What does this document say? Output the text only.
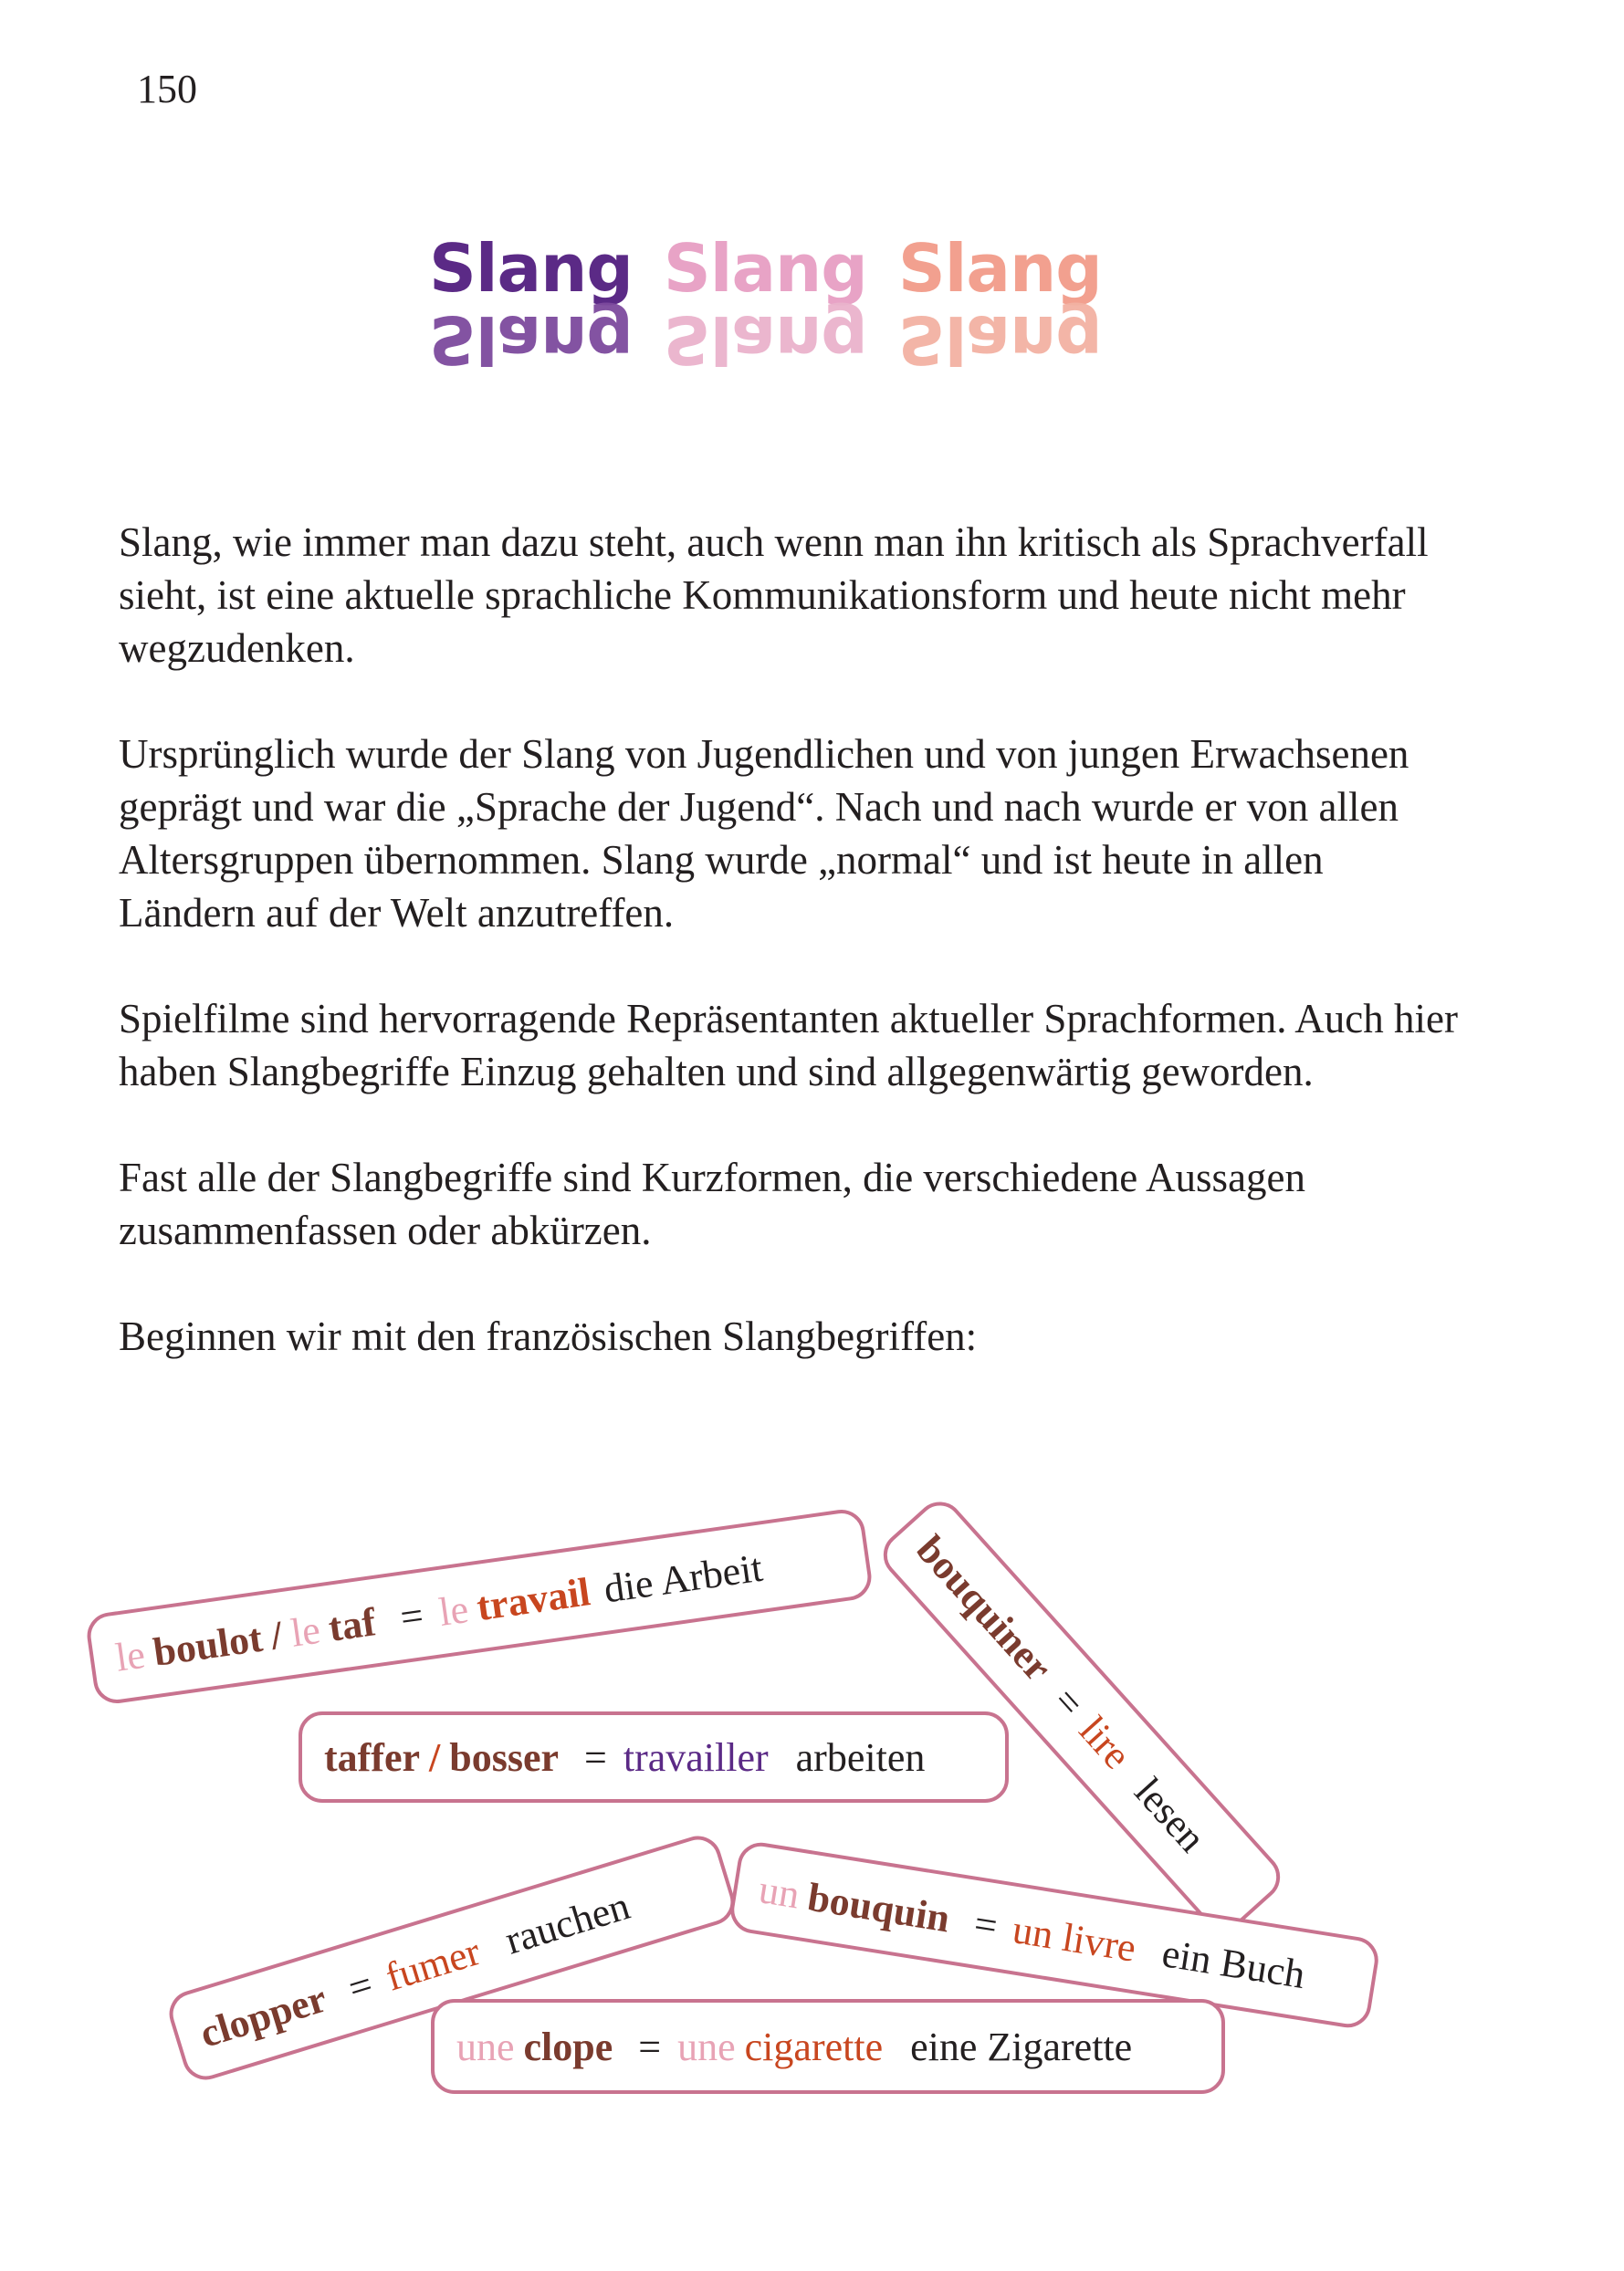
150
Slang Slang Slang
Slang Slang Slang

Slang, wie immer man dazu steht, auch wenn man ihn kritisch als Sprachverfall sieht, ist eine aktuelle sprachliche Kommunikationsform und heute nicht mehr wegzudenken.

Ursprünglich wurde der Slang von Jugendlichen und von jungen Erwachsenen geprägt und war die „Sprache der Jugend“. Nach und nach wurde er von allen Altersgruppen übernommen. Slang wurde „normal“ und ist heute in allen Ländern auf der Welt anzutreffen.

Spielfilme sind hervorragende Repräsentanten aktueller Sprachformen. Auch hier haben Slangbegriffe Einzug gehalten und sind allgegenwärtig geworden.

Fast alle der Slangbegriffe sind Kurzformen, die verschiedene Aussagen zusammenfassen oder abkürzen.

Beginnen wir mit den französischen Slangbegriffen:

le boulot / le taf = le travail die Arbeit
taffer / bosser = travailler arbeiten
bouquiner
=
lire
lesen
clopper = fumer
rauchen	un bouquin = un livre ein Buch
une clope = une cigarette eine Zigarette
